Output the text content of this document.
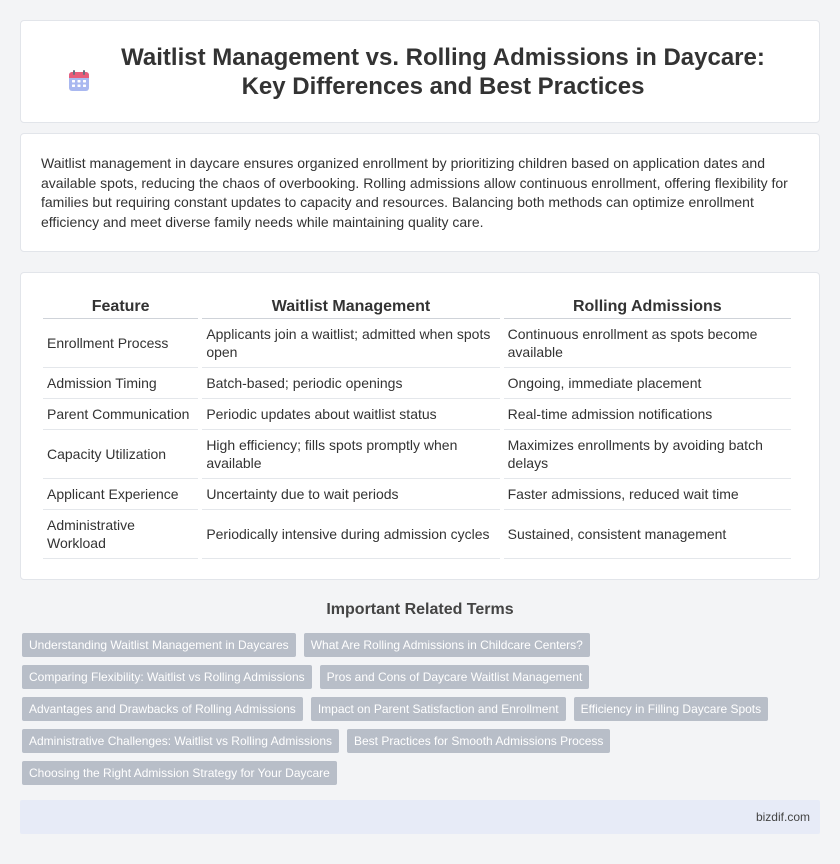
Waitlist Management vs. Rolling Admissions in Daycare: Key Differences and Best Practices

Waitlist management in daycare ensures organized enrollment by prioritizing children based on application dates and available spots, reducing the chaos of overbooking. Rolling admissions allow continuous enrollment, offering flexibility for families but requiring constant updates to capacity and resources. Balancing both methods can optimize enrollment efficiency and meet diverse family needs while maintaining quality care.

Feature	Waitlist Management	Rolling Admissions
Enrollment Process	Applicants join a waitlist; admitted when spots open	Continuous enrollment as spots become available
Admission Timing	Batch-based; periodic openings	Ongoing, immediate placement
Parent Communication	Periodic updates about waitlist status	Real-time admission notifications
Capacity Utilization	High efficiency; fills spots promptly when available	Maximizes enrollments by avoiding batch delays
Applicant Experience	Uncertainty due to wait periods	Faster admissions, reduced wait time
Administrative Workload	Periodically intensive during admission cycles	Sustained, consistent management
Important Related Terms
Understanding Waitlist Management in Daycares	What Are Rolling Admissions in Childcare Centers?
Comparing Flexibility: Waitlist vs Rolling Admissions	Pros and Cons of Daycare Waitlist Management
Advantages and Drawbacks of Rolling Admissions	Impact on Parent Satisfaction and Enrollment	Efficiency in Filling Daycare Spots
Administrative Challenges: Waitlist vs Rolling Admissions	Best Practices for Smooth Admissions Process
Choosing the Right Admission Strategy for Your Daycare
bizdif.com
